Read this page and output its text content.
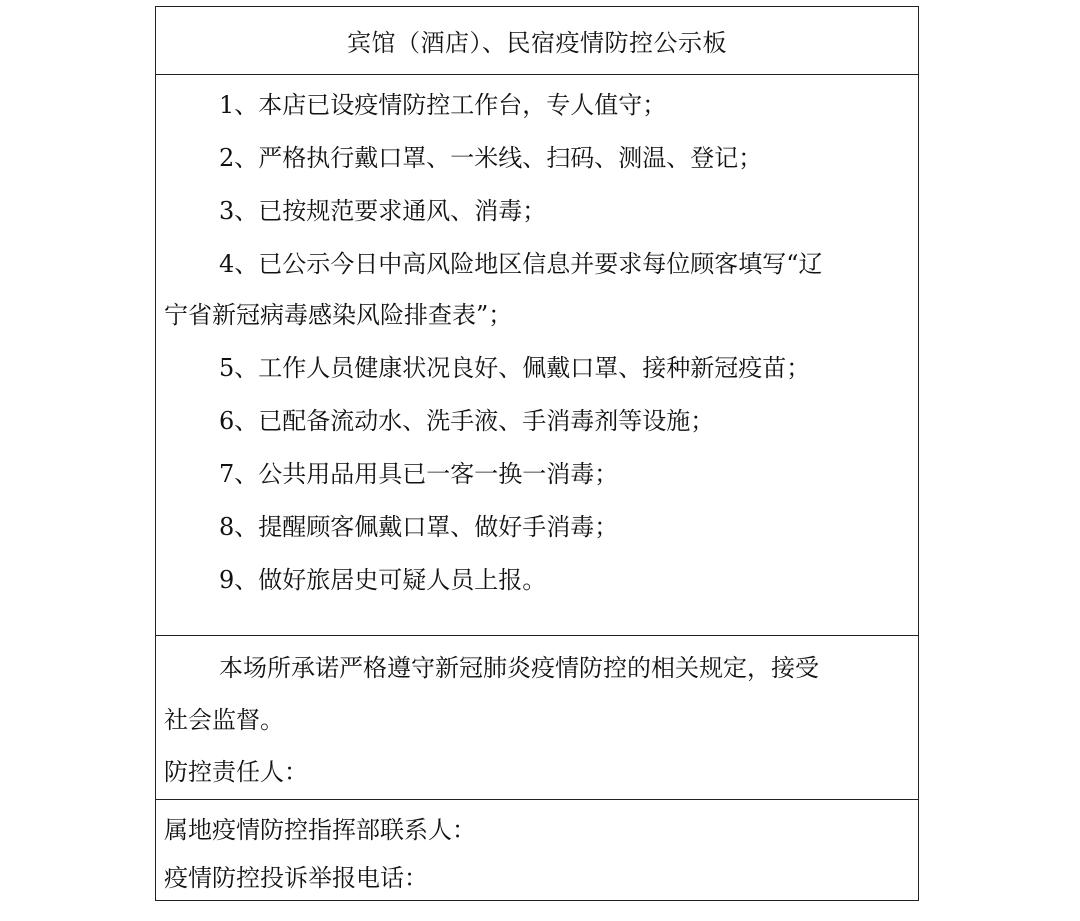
宾馆（酒店）、民宿疫情防控公示板
1、本店已设疫情防控工作台，专人值守；
2、严格执行戴口罩、一米线、扫码、测温、登记；
3、已按规范要求通风、消毒；
4、已公示今日中高风险地区信息并要求每位顾客填写“辽
宁省新冠病毒感染风险排查表”；
5、工作人员健康状况良好、佩戴口罩、接种新冠疫苗；
6、已配备流动水、洗手液、手消毒剂等设施；
7、公共用品用具已一客一换一消毒；
8、提醒顾客佩戴口罩、做好手消毒；
9、做好旅居史可疑人员上报。
本场所承诺严格遵守新冠肺炎疫情防控的相关规定，接受
社会监督。
防控责任人：
属地疫情防控指挥部联系人：
疫情防控投诉举报电话：
